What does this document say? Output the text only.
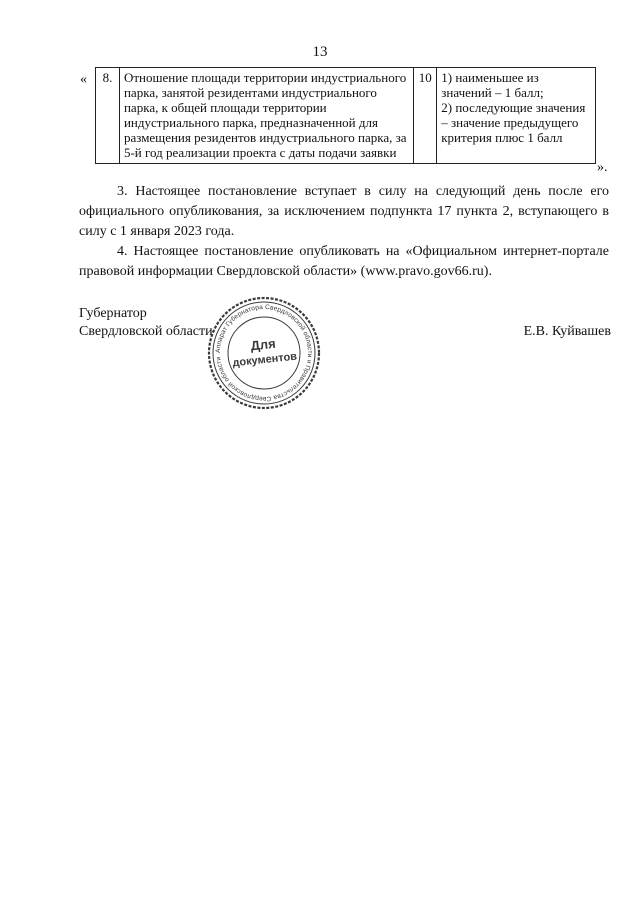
13
« 8.	Отношение площади территории индустриального парка, занятой резидентами индустриального парка, к общей площади территории индустриального парка, предназначенной для размещения резидентов индустриального парка, за 5-й год реализации проекта с даты подачи заявки	10	1) наименьшее из значений – 1 балл;
2) последующие значения – значение предыдущего критерия плюс 1 балл
».

3. Настоящее постановление вступает в силу на следующий день после его официального опубликования, за исключением подпункта 17 пункта 2, вступающего в силу с 1 января 2023 года.

4. Настоящее постановление опубликовать на «Официальном интернет-портале правовой информации Свердловской области» (www.pravo.gov66.ru).

Губернатор
Свердловской области	Е.В. Куйвашев
Аппарат Губернатора Свердловской области и Правительства Свердловской области
Для
документов
